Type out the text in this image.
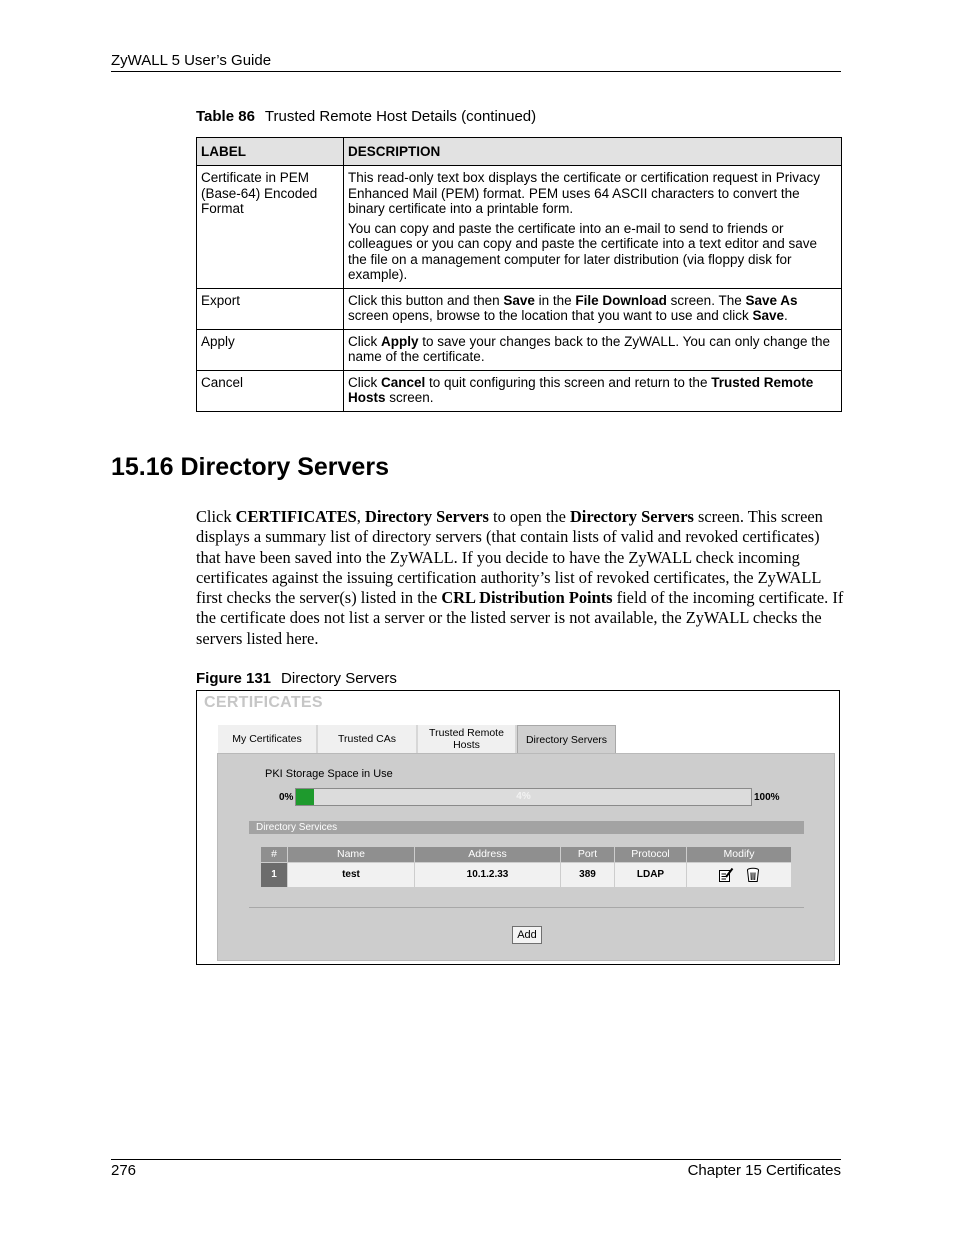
ZyWALL 5 User’s Guide
Table 86 Trusted Remote Host Details (continued)
LABEL	DESCRIPTION
Certificate in PEM (Base-64) Encoded Format	This read-only text box displays the certificate or certification request in Privacy Enhanced Mail (PEM) format. PEM uses 64 ASCII characters to convert the binary certificate into a printable form.

You can copy and paste the certificate into an e-mail to send to friends or colleagues or you can copy and paste the certificate into a text editor and save the file on a management computer for later distribution (via floppy disk for example).

Export	Click this button and then Save in the File Download screen. The Save As screen opens, browse to the location that you want to use and click Save.
Apply	Click Apply to save your changes back to the ZyWALL. You can only change the name of the certificate.
Cancel	Click Cancel to quit configuring this screen and return to the Trusted Remote Hosts screen.
15.16 Directory Servers
Click CERTIFICATES, Directory Servers to open the Directory Servers screen. This screen displays a summary list of directory servers (that contain lists of valid and revoked certificates) that have been saved into the ZyWALL. If you decide to have the ZyWALL check incoming certificates against the issuing certification authority’s list of revoked certificates, the ZyWALL first checks the server(s) listed in the CRL Distribution Points field of the incoming certificate. If the certificate does not list a server or the listed server is not available, the ZyWALL checks the servers listed here.
Figure 131 Directory Servers
CERTIFICATES
My Certificates	Trusted CAs	Trusted Remote Hosts	Directory Servers
PKI Storage Space in Use
0%	4%	100%
Directory Services
#	Name	Address	Port	Protocol	Modify
1	test	10.1.2.33	389	LDAP
Add
276	Chapter 15 Certificates
